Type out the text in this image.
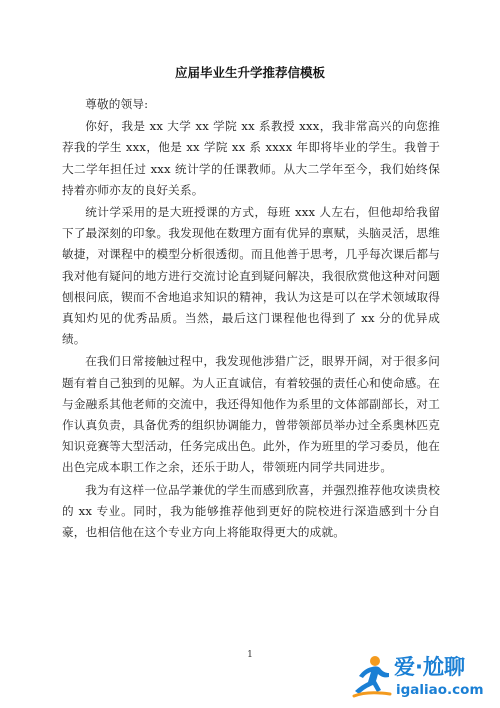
应届毕业生升学推荐信模板

尊敬的领导:

你好，我是 xx 大学 xx 学院 xx 系教授 xxx，我非常高兴的向您推荐我的学生 xxx，他是 xx 学院 xx 系 xxxx 年即将毕业的学生。我曾于大二学年担任过 xxx 统计学的任课教师。从大二学年至今，我们始终保持着亦师亦友的良好关系。

统计学采用的是大班授课的方式，每班 xxx 人左右，但他却给我留下了最深刻的印象。我发现他在数理方面有优异的禀赋，头脑灵活，思维敏捷，对课程中的模型分析很透彻。而且他善于思考，几乎每次课后都与我对他有疑问的地方进行交流讨论直到疑问解决，我很欣赏他这种对问题刨根问底，锲而不舍地追求知识的精神，我认为这是可以在学术领域取得真知灼见的优秀品质。当然，最后这门课程他也得到了 xx 分的优异成绩。

在我们日常接触过程中，我发现他涉猎广泛，眼界开阔，对于很多问题有着自己独到的见解。为人正直诚信，有着较强的责任心和使命感。在与金融系其他老师的交流中，我还得知他作为系里的文体部副部长，对工作认真负责，具备优秀的组织协调能力，曾带领部员举办过全系奥林匹克知识竞赛等大型活动，任务完成出色。此外，作为班里的学习委员，他在出色完成本职工作之余，还乐于助人，带领班内同学共同进步。

我为有这样一位品学兼优的学生而感到欣喜，并强烈推荐他攻读贵校的 xx 专业。同时，我为能够推荐他到更好的院校进行深造感到十分自豪，也相信他在这个专业方向上将能取得更大的成就。

1	爱·尬聊
igaliao.com
